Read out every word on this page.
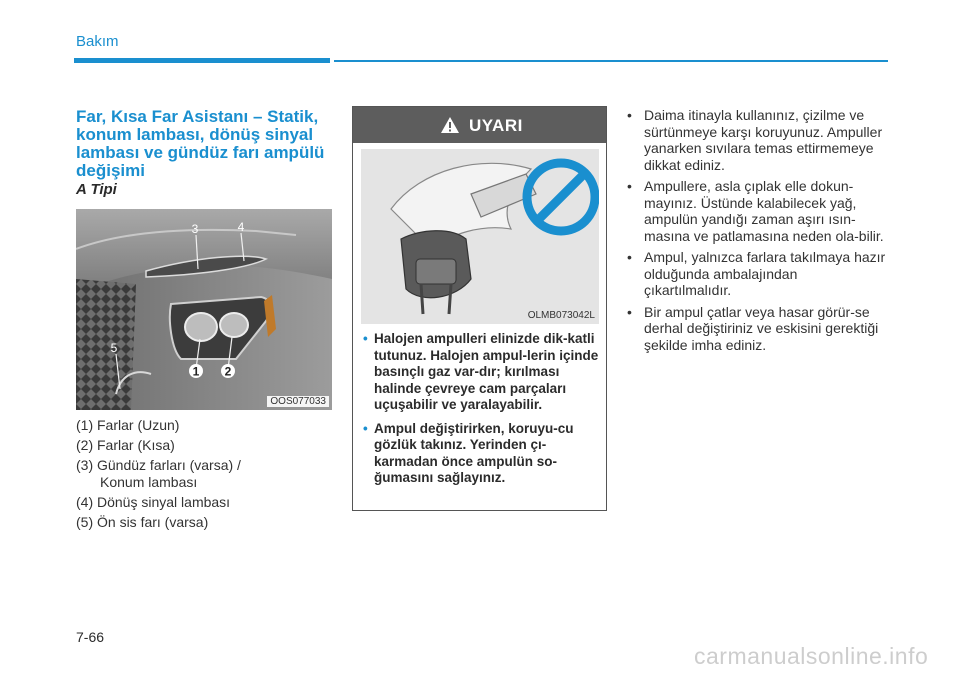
Bakım
Far, Kısa Far Asistanı – Statik, konum lambası, dönüş sinyal lambası ve gündüz farı ampülü değişimi
A Tipi
1 2
3	4
5
OOS077033
(1) Farlar (Uzun)
(2) Farlar (Kısa)
(3) Gündüz farları (varsa) /
Konum lambası
(4) Dönüş sinyal lambası
(5) Ön sis farı (varsa)
UYARI
OLMB073042L
• Halojen ampulleri elinizde dik-katli tutunuz. Halojen ampul-lerin içinde basınçlı gaz var-dır; kırılması halinde çevreye cam parçaları uçuşabilir ve yaralayabilir.
• Ampul değiştirirken, koruyu-cu gözlük takınız. Yerinden çı-karmadan önce ampulün so-ğumasını sağlayınız.
• Daima itinayla kullanınız, çizilme ve sürtünmeye karşı koruyunuz. Ampuller yanarken sıvılara temas ettirmemeye dikkat ediniz.
• Ampullere, asla çıplak elle dokun-mayınız. Üstünde kalabilecek yağ, ampulün yandığı zaman aşırı ısın-masına ve patlamasına neden ola-bilir.
• Ampul, yalnızca farlara takılmaya hazır olduğunda ambalajından çıkartılmalıdır.
• Bir ampul çatlar veya hasar görür-se derhal değiştiriniz ve eskisini gerektiği şekilde imha ediniz.
7-66
carmanualsonline.info
